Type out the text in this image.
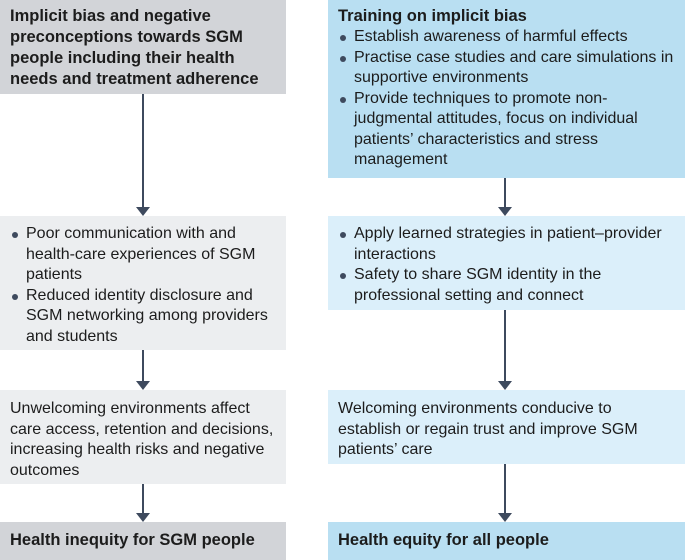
Implicit bias and negative preconceptions towards SGM people including their health needs and treatment adherence

Poor communication with and health-care experiences of SGM patients
Reduced identity disclosure and SGM networking among providers and students

Unwelcoming environments affect care access, retention and decisions, increasing health risks and negative outcomes

Health inequity for SGM people

Training on implicit bias

Establish awareness of harmful effects
Practise case studies and care simulations in supportive environments
Provide techniques to promote non-judgmental attitudes, focus on individual patients’ characteristics and stress management
Apply learned strategies in patient–provider interactions
Safety to share SGM identity in the professional setting and connect

Welcoming environments conducive to establish or regain trust and improve SGM patients’ care

Health equity for all people
